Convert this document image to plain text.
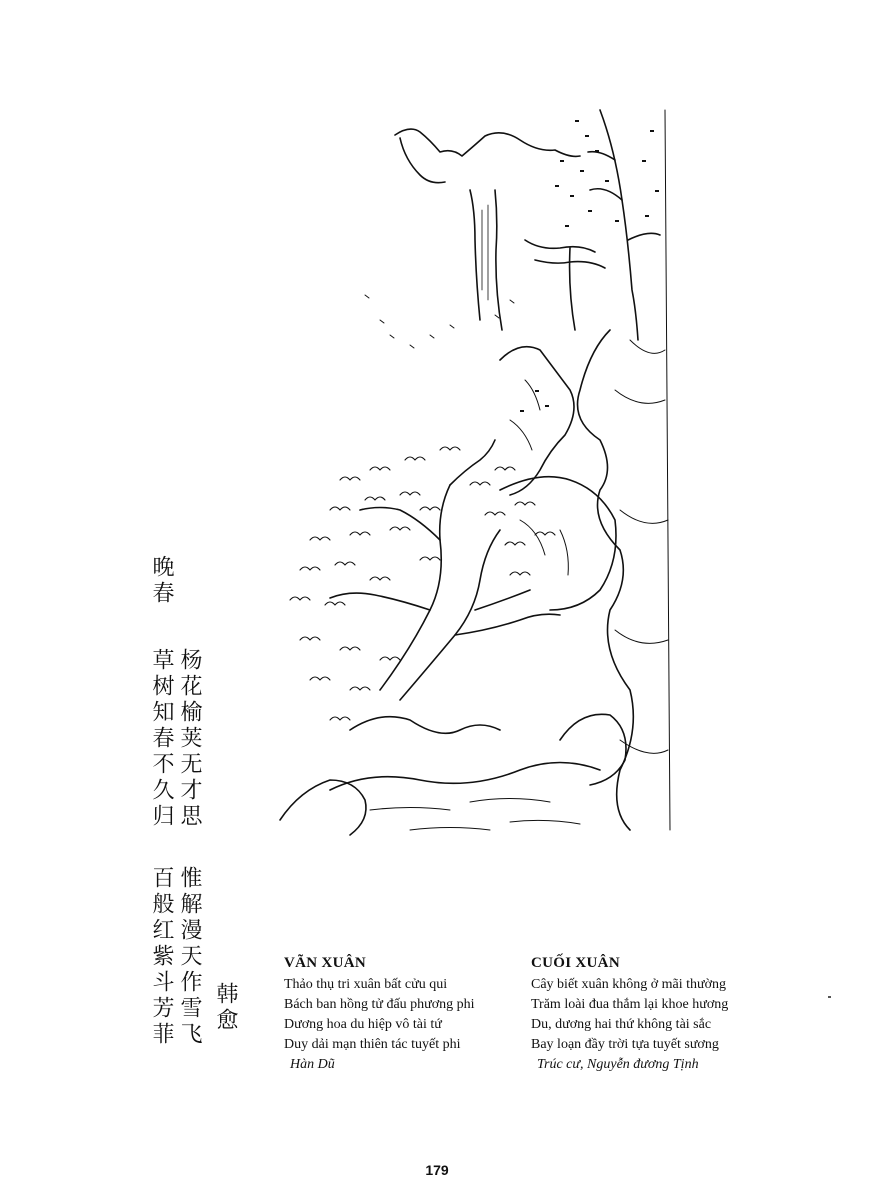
晚春
草树知春不久归 杨花榆荚无才思
百般红紫斗芳菲 惟解漫天作雪飞 韩愈
VÃN XUÂN
Thảo thụ tri xuân bất cửu qui
Bách ban hồng tử đấu phương phi
Dương hoa du hiệp vô tài tứ
Duy dải mạn thiên tác tuyết phi
Hàn Dũ
CUỐI XUÂN
Cây biết xuân không ở mãi thường
Trăm loài đua thắm lại khoe hương
Du, dương hai thứ không tài sắc
Bay loạn đầy trời tựa tuyết sương
Trúc cư, Nguyễn đương Tịnh
179
